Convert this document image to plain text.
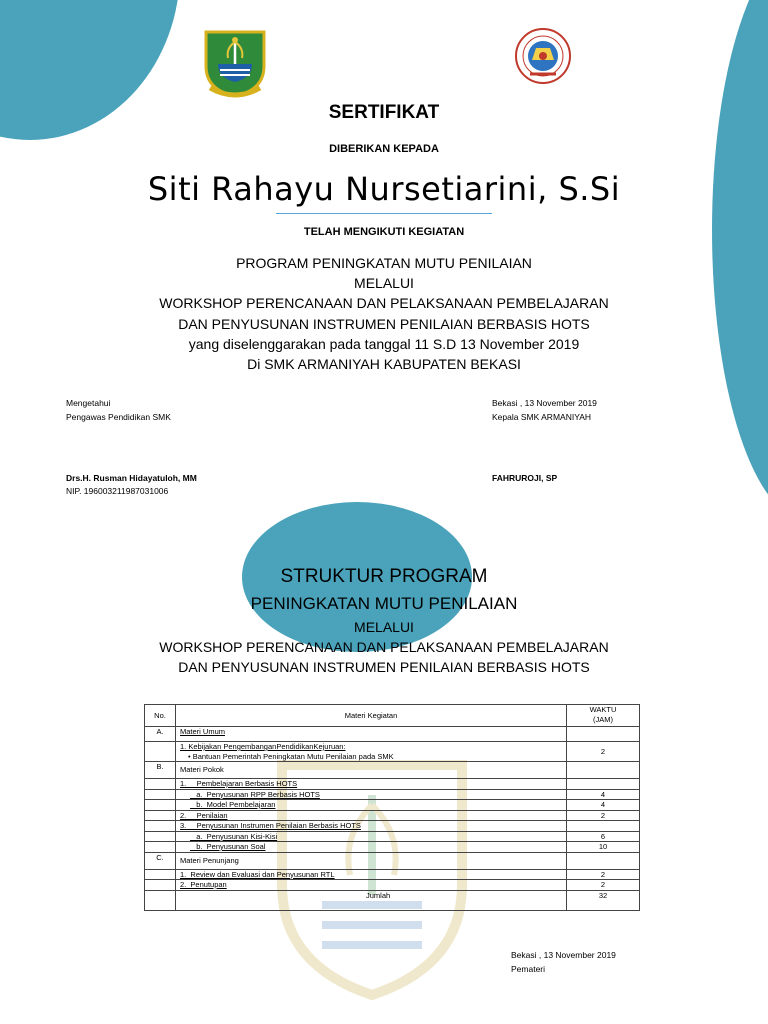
SERTIFIKAT
DIBERIKAN KEPADA
Siti Rahayu Nursetiarini, S.Si
TELAH MENGIKUTI KEGIATAN
PROGRAM PENINGKATAN MUTU PENILAIAN
MELALUI
WORKSHOP PERENCANAAN DAN PELAKSANAAN PEMBELAJARAN
DAN PENYUSUNAN INSTRUMEN PENILAIAN BERBASIS HOTS
yang diselenggarakan pada tanggal 11 S.D 13 November 2019
Di SMK ARMANIYAH KABUPATEN BEKASI
Mengetahui
Pengawas Pendidikan SMK
Drs.H. Rusman Hidayatuloh, MM
NIP. 196003211987031006
Bekasi , 13 November 2019
Kepala SMK ARMANIYAH
FAHRUROJI, SP
STRUKTUR PROGRAM
PENINGKATAN MUTU PENILAIAN
MELALUI
WORKSHOP PERENCANAAN DAN PELAKSANAAN PEMBELAJARAN
DAN PENYUSUNAN INSTRUMEN PENILAIAN BERBASIS HOTS
No.	Materi Kegiatan	WAKTU
(JAM)
A.	Materi Umum	

	1. Kebijakan PengembanganPendidikanKejuruan:
• Bantuan Pemerintah Peningkatan Mutu Penilaian pada SMK	2
B.	Materi Pokok	
	1.     Pembelajaran Berbasis HOTS	
	a.  Penyusunan RPP Berbasis HOTS	4
	b.  Model Pembelajaran	4
	2.     Penilaian	2
	3.     Penyusunan Instrumen Penilaian Berbasis HOTS	
	a.  Penyusunan Kisi-Kisi	6
	b.  Penyusunan Soal	10
C.	Materi Penunjang	
	1.  Review dan Evaluasi dan Penyusunan RTL	2
	2.  Penutupan	2
	Jumlah	32
Bekasi , 13 November 2019
Pemateri
